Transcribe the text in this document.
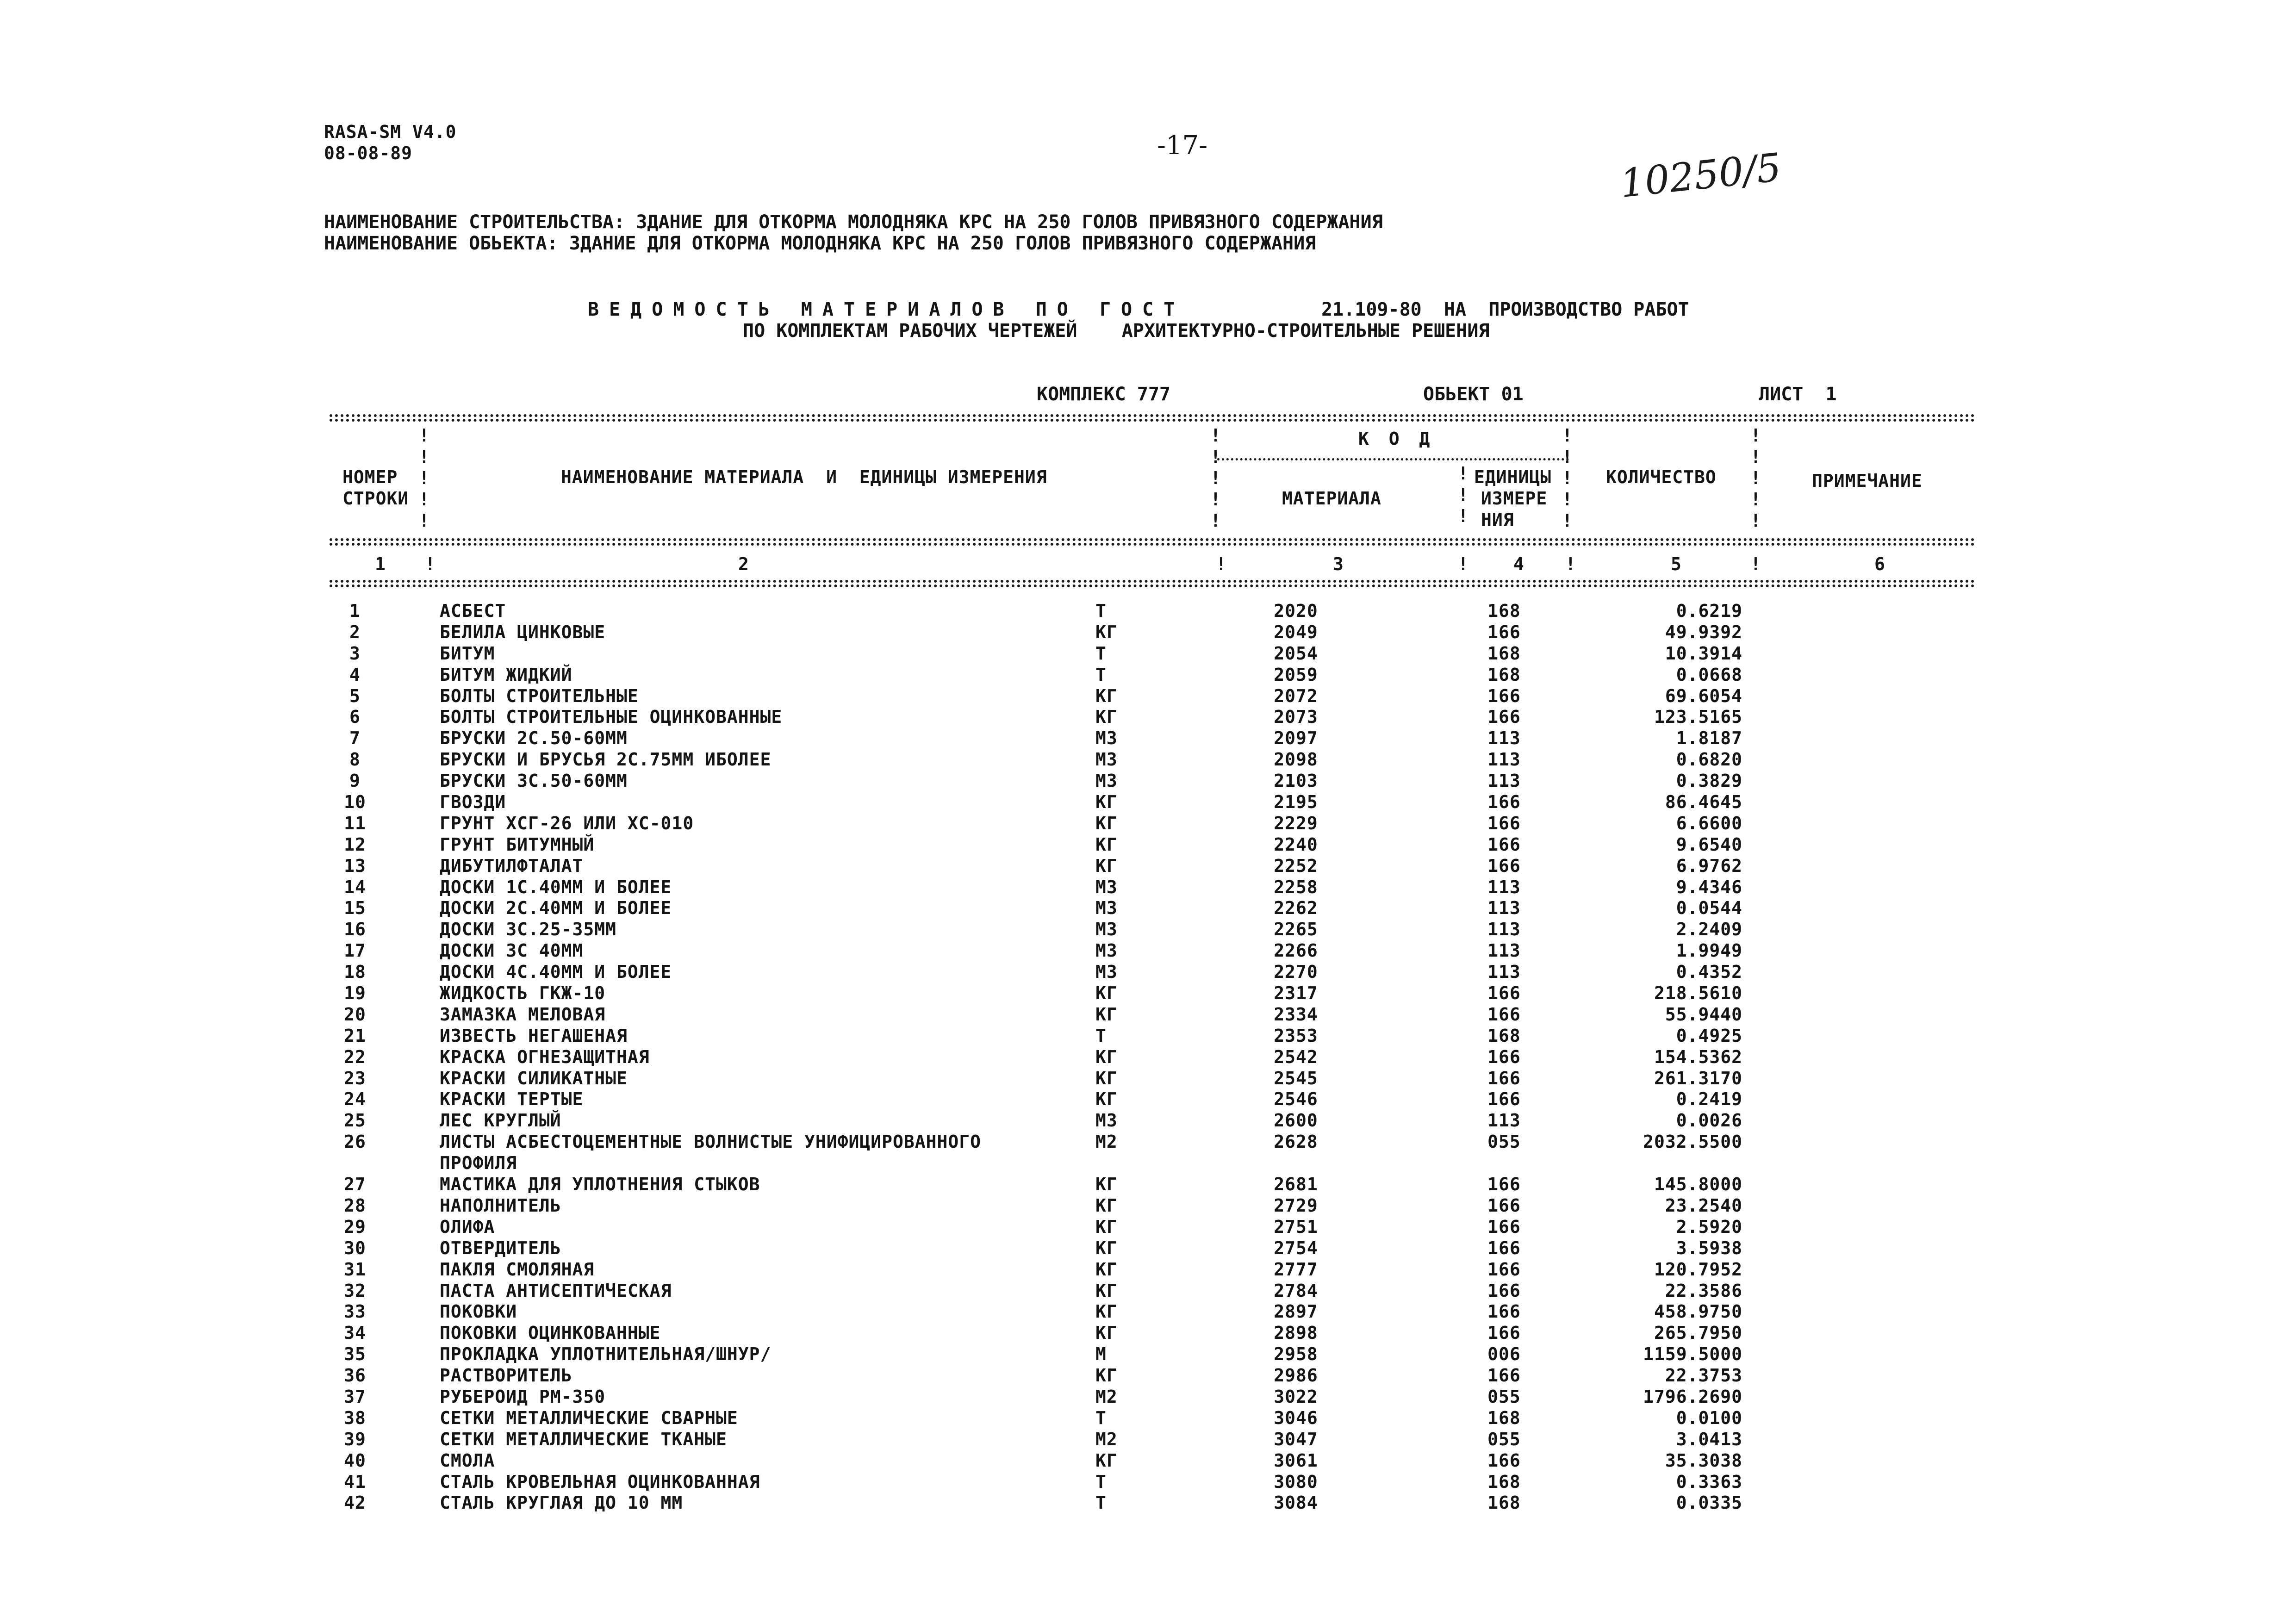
RASA-SM V4.0
08-08-89	-17-	10250/5
НАИМЕНОВАНИЕ СТРОИТЕЛЬСТВА: ЗДАНИЕ ДЛЯ ОТКОРМА МОЛОДНЯКА КРС НА 250 ГОЛОВ ПРИВЯЗНОГО СОДЕРЖАНИЯ
НАИМЕНОВАНИЕ ОБЬЕКТА: ЗДАНИЕ ДЛЯ ОТКОРМА МОЛОДНЯКА КРС НА 250 ГОЛОВ ПРИВЯЗНОГО СОДЕРЖАНИЯ
ВЕДОМОСТЬ МАТЕРИАЛОВ ПО ГОСТ	21.109-80  НА  ПРОИЗВОДСТВО РАБОТ
ПО КОМПЛЕКТАМ РАБОЧИХ ЧЕРТЕЖЕЙ    АРХИТЕКТУРНО-СТРОИТЕЛЬНЫЕ РЕШЕНИЯ
КОМПЛЕКС 777	ОБЬЕКТ 01	ЛИСТ  1
!
!
!
!
!
!
!
!
!
!
!
!
!
!
!
!
!
!
!
!
!
!
!
НОМЕР
СТРОКИ
НАИМЕНОВАНИЕ МАТЕРИАЛА  И  ЕДИНИЦЫ ИЗМЕРЕНИЯ
К О Д
МАТЕРИАЛА
ЕДИНИЦЫ
ИЗМЕРЕ
НИЯ
КОЛИЧЕСТВО	ПРИМЕЧАНИЕ
1 !	2	!	3	!	4 !	5	!	6
1	АСБЕСТ	Т	2020	168	0.6219
2	БЕЛИЛА ЦИНКОВЫЕ	КГ	2049	166	49.9392
3	БИТУМ	Т	2054	168	10.3914
4	БИТУМ ЖИДКИЙ	Т	2059	168	0.0668
5	БОЛТЫ СТРОИТЕЛЬНЫЕ	КГ	2072	166	69.6054
6	БОЛТЫ СТРОИТЕЛЬНЫЕ ОЦИНКОВАННЫЕ	КГ	2073	166	123.5165
7	БРУСКИ 2С.50-60ММ	М3	2097	113	1.8187
8	БРУСКИ И БРУСЬЯ 2С.75ММ ИБОЛЕЕ	М3	2098	113	0.6820
9	БРУСКИ 3С.50-60ММ	М3	2103	113	0.3829
10	ГВОЗДИ	КГ	2195	166	86.4645
11	ГРУНТ ХСГ-26 ИЛИ ХС-010	КГ	2229	166	6.6600
12	ГРУНТ БИТУМНЫЙ	КГ	2240	166	9.6540
13	ДИБУТИЛФТАЛАТ	КГ	2252	166	6.9762
14	ДОСКИ 1С.40ММ И БОЛЕЕ	М3	2258	113	9.4346
15	ДОСКИ 2С.40ММ И БОЛЕЕ	М3	2262	113	0.0544
16	ДОСКИ 3С.25-35ММ	М3	2265	113	2.2409
17	ДОСКИ 3С 40ММ	М3	2266	113	1.9949
18	ДОСКИ 4С.40ММ И БОЛЕЕ	М3	2270	113	0.4352
19	ЖИДКОСТЬ ГКЖ-10	КГ	2317	166	218.5610
20	ЗАМАЗКА МЕЛОВАЯ	КГ	2334	166	55.9440
21	ИЗВЕСТЬ НЕГАШЕНАЯ	Т	2353	168	0.4925
22	КРАСКА ОГНЕЗАЩИТНАЯ	КГ	2542	166	154.5362
23	КРАСКИ СИЛИКАТНЫЕ	КГ	2545	166	261.3170
24	КРАСКИ ТЕРТЫЕ	КГ	2546	166	0.2419
25	ЛЕС КРУГЛЫЙ	М3	2600	113	0.0026
26	ЛИСТЫ АСБЕСТОЦЕМЕНТНЫЕ ВОЛНИСТЫЕ УНИФИЦИРОВАННОГО	М2	2628	055	2032.5500
ПРОФИЛЯ
27	МАСТИКА ДЛЯ УПЛОТНЕНИЯ СТЫКОВ	КГ	2681	166	145.8000
28	НАПОЛНИТЕЛЬ	КГ	2729	166	23.2540
29	ОЛИФА	КГ	2751	166	2.5920
30	ОТВЕРДИТЕЛЬ	КГ	2754	166	3.5938
31	ПАКЛЯ СМОЛЯНАЯ	КГ	2777	166	120.7952
32	ПАСТА АНТИСЕПТИЧЕСКАЯ	КГ	2784	166	22.3586
33	ПОКОВКИ	КГ	2897	166	458.9750
34	ПОКОВКИ ОЦИНКОВАННЫЕ	КГ	2898	166	265.7950
35	ПРОКЛАДКА УПЛОТНИТЕЛЬНАЯ/ШНУР/	М	2958	006	1159.5000
36	РАСТВОРИТЕЛЬ	КГ	2986	166	22.3753
37	РУБЕРОИД РМ-350	М2	3022	055	1796.2690
38	СЕТКИ МЕТАЛЛИЧЕСКИЕ СВАРНЫЕ	Т	3046	168	0.0100
39	СЕТКИ МЕТАЛЛИЧЕСКИЕ ТКАНЫЕ	М2	3047	055	3.0413
40	СМОЛА	КГ	3061	166	35.3038
41	СТАЛЬ КРОВЕЛЬНАЯ ОЦИНКОВАННАЯ	Т	3080	168	0.3363
42	СТАЛЬ КРУГЛАЯ ДО 10 ММ	Т	3084	168	0.0335
